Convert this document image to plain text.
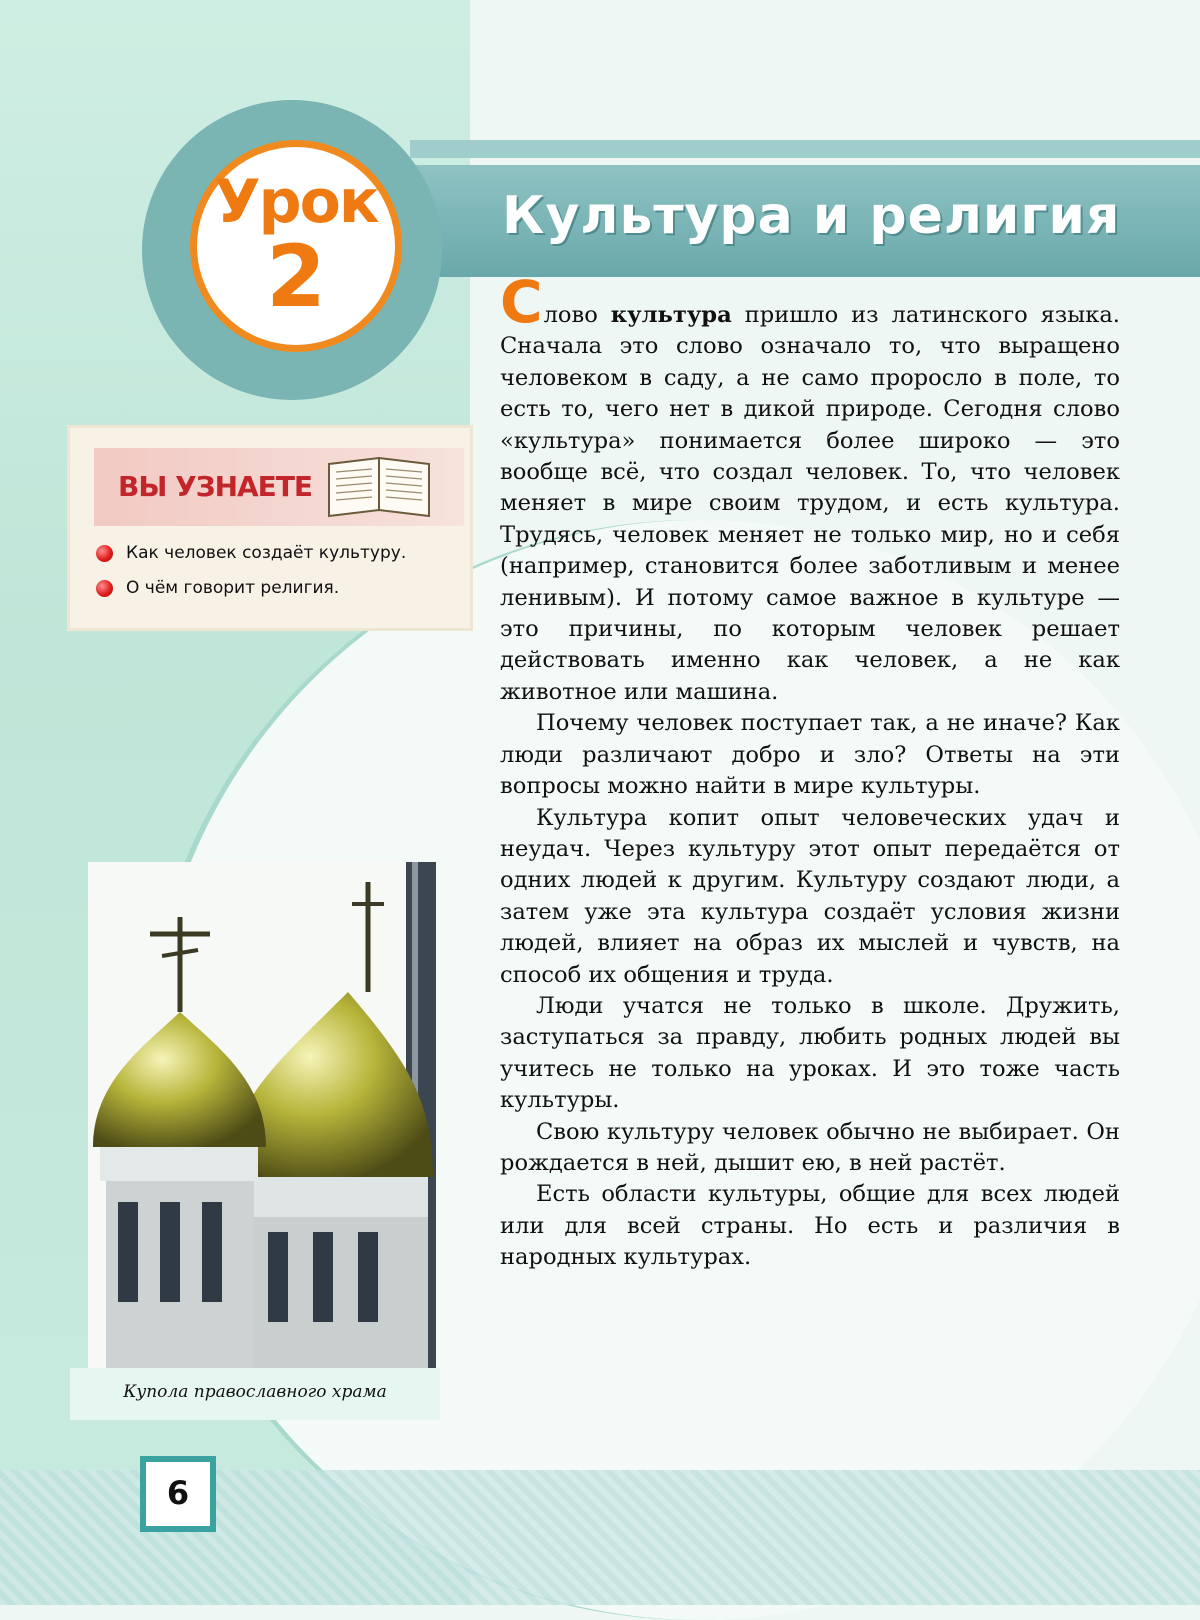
Урок
2
Культура и религия
ВЫ УЗНАЕТЕ
Как человек создаёт культуру.
О чём говорит религия.
Купола православного храма
6

Слово культура пришло из латинского языка. Сначала это слово означало то, что выращено человеком в саду, а не само проросло в поле, то есть то, чего нет в дикой природе. Сегодня слово «культура» понимается более широко — это вообще всё, что создал человек. То, что человек меняет в мире своим трудом, и есть культура. Трудясь, человек меняет не только мир, но и себя (например, становится более заботливым и менее ленивым). И потому самое важное в культуре — это причины, по которым человек решает действовать именно как человек, а не как животное или машина.

Почему человек поступает так, а не иначе? Как люди различают добро и зло? Ответы на эти вопросы можно найти в мире культуры.

Культура копит опыт человеческих удач и неудач. Через культуру этот опыт передаётся от одних людей к другим. Культуру создают люди, а затем уже эта культура создаёт условия жизни людей, влияет на образ их мыслей и чувств, на способ их общения и труда.

Люди учатся не только в школе. Дружить, заступаться за правду, любить родных людей вы учитесь не только на уроках. И это тоже часть культуры.

Свою культуру человек обычно не выбирает. Он рождается в ней, дышит ею, в ней растёт.

Есть области культуры, общие для всех людей или для всей страны. Но есть и различия в народных культурах.
